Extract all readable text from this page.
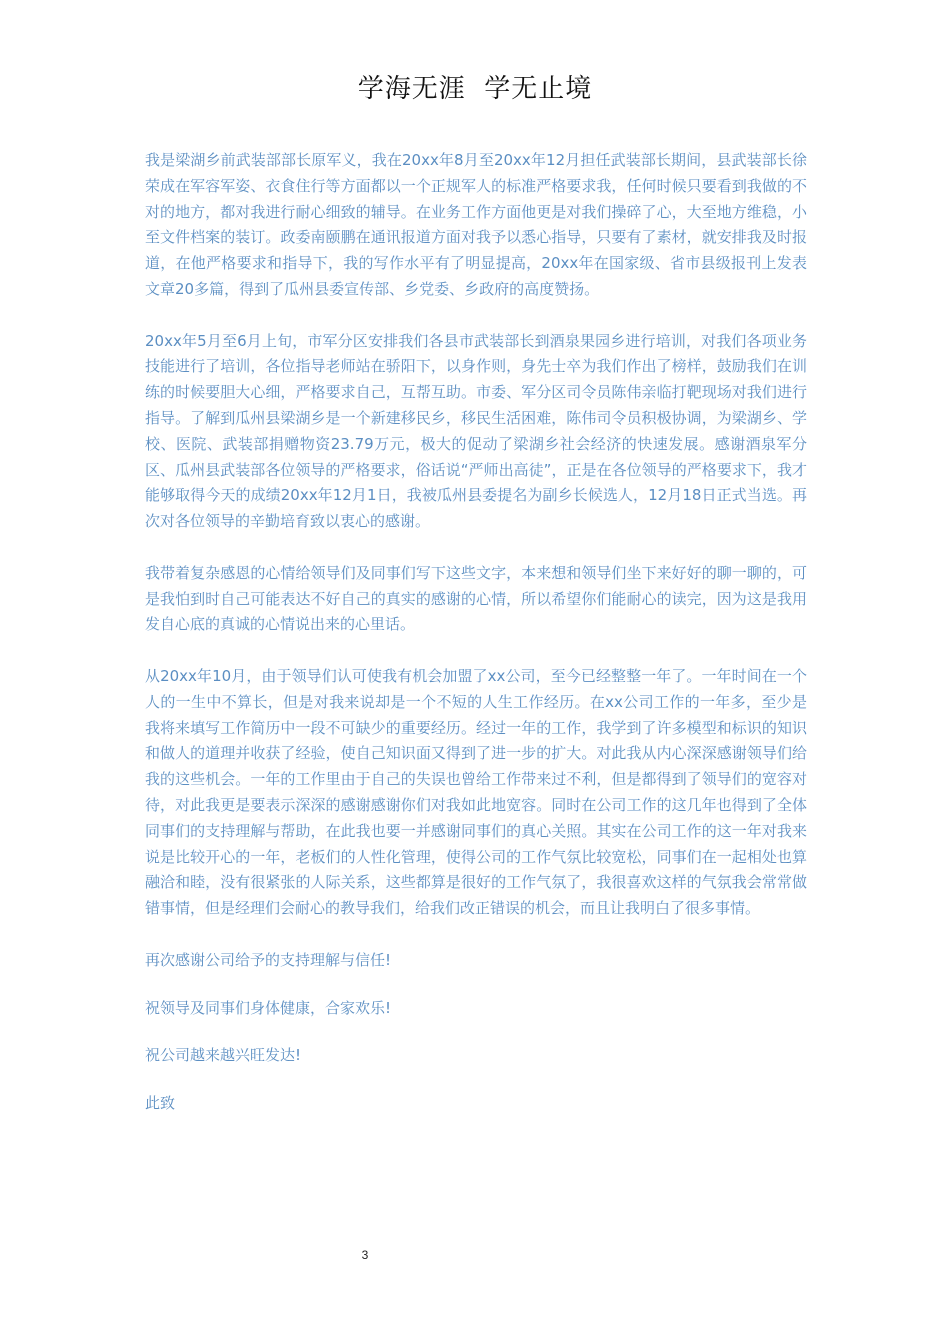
学海无涯  学无止境

我是梁湖乡前武装部部长原军义，我在20xx年8月至20xx年12月担任武装部长期间，县武装部长徐荣成在军容军姿、衣食住行等方面都以一个正规军人的标准严格要求我，任何时候只要看到我做的不对的地方，都对我进行耐心细致的辅导。在业务工作方面他更是对我们操碎了心，大至地方维稳，小至文件档案的装订。政委南颐鹏在通讯报道方面对我予以悉心指导，只要有了素材，就安排我及时报道，在他严格要求和指导下，我的写作水平有了明显提高，20xx年在国家级、省市县级报刊上发表文章20多篇，得到了瓜州县委宣传部、乡党委、乡政府的高度赞扬。

20xx年5月至6月上旬，市军分区安排我们各县市武装部长到酒泉果园乡进行培训，对我们各项业务技能进行了培训，各位指导老师站在骄阳下，以身作则，身先士卒为我们作出了榜样，鼓励我们在训练的时候要胆大心细，严格要求自己，互帮互助。市委、军分区司令员陈伟亲临打靶现场对我们进行指导。了解到瓜州县梁湖乡是一个新建移民乡，移民生活困难，陈伟司令员积极协调，为梁湖乡、学校、医院、武装部捐赠物资23.79万元，极大的促动了梁湖乡社会经济的快速发展。感谢酒泉军分区、瓜州县武装部各位领导的严格要求，俗话说“严师出高徒”，正是在各位领导的严格要求下，我才能够取得今天的成绩20xx年12月1日，我被瓜州县委提名为副乡长候选人，12月18日正式当选。再次对各位领导的辛勤培育致以衷心的感谢。

我带着复杂感恩的心情给领导们及同事们写下这些文字，本来想和领导们坐下来好好的聊一聊的，可是我怕到时自己可能表达不好自己的真实的感谢的心情，所以希望你们能耐心的读完，因为这是我用发自心底的真诚的心情说出来的心里话。

从20xx年10月，由于领导们认可使我有机会加盟了xx公司，至今已经整整一年了。一年时间在一个人的一生中不算长，但是对我来说却是一个不短的人生工作经历。在xx公司工作的一年多，至少是我将来填写工作简历中一段不可缺少的重要经历。经过一年的工作，我学到了许多模型和标识的知识和做人的道理并收获了经验，使自己知识面又得到了进一步的扩大。对此我从内心深深感谢领导们给我的这些机会。一年的工作里由于自己的失误也曾给工作带来过不利，但是都得到了领导们的宽容对待，对此我更是要表示深深的感谢感谢你们对我如此地宽容。同时在公司工作的这几年也得到了全体同事们的支持理解与帮助，在此我也要一并感谢同事们的真心关照。其实在公司工作的这一年对我来说是比较开心的一年，老板们的人性化管理，使得公司的工作气氛比较宽松，同事们在一起相处也算融洽和睦，没有很紧张的人际关系，这些都算是很好的工作气氛了，我很喜欢这样的气氛我会常常做错事情，但是经理们会耐心的教导我们，给我们改正错误的机会，而且让我明白了很多事情。

再次感谢公司给予的支持理解与信任!

祝领导及同事们身体健康，合家欢乐!

祝公司越来越兴旺发达!

此致

3
